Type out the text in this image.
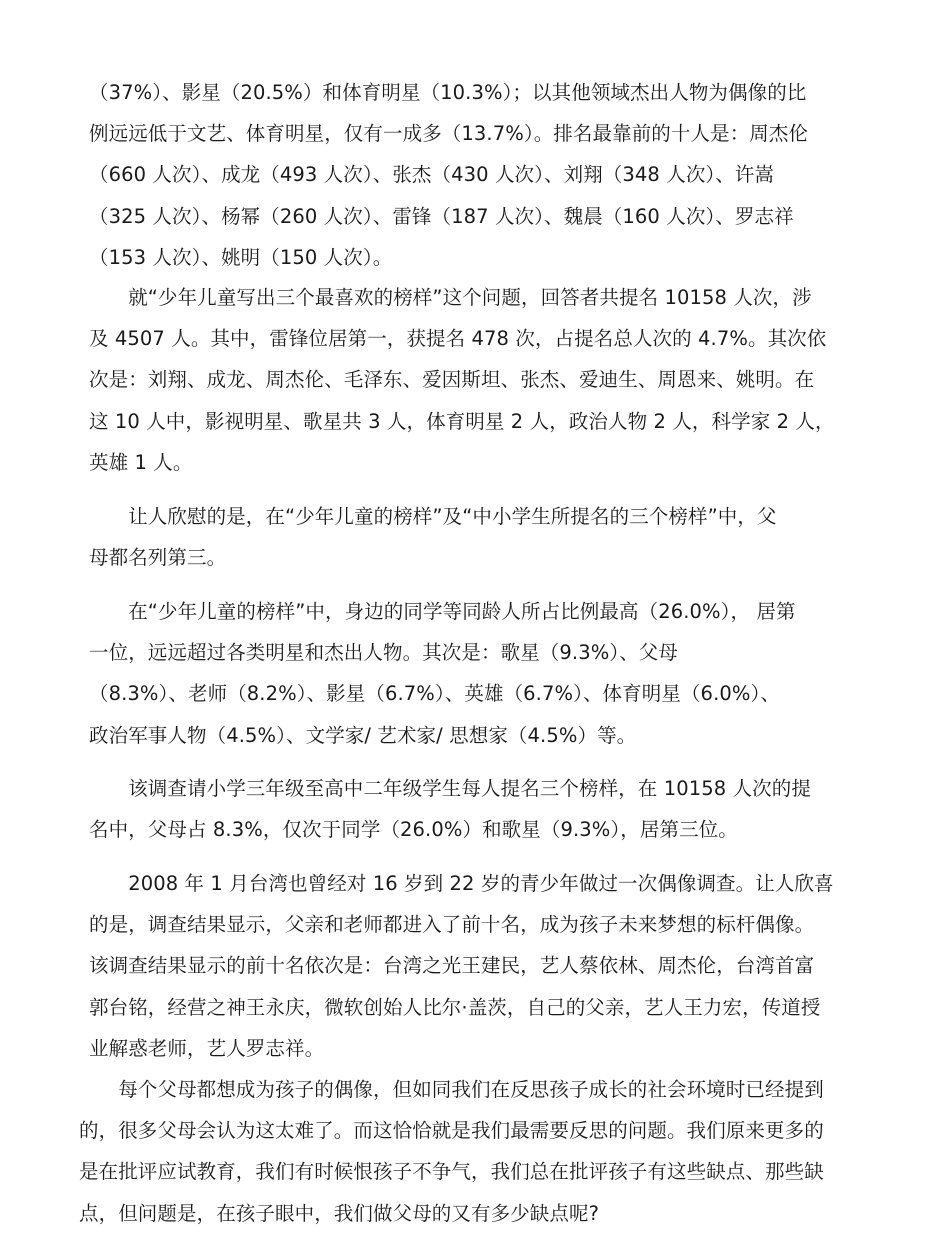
（37%）、影星（20.5%）和体育明星（10.3%）；以其他领域杰出人物为偶像的比
例远远低于文艺、体育明星，仅有一成多（13.7%）。排名最靠前的十人是：周杰伦
（660 人次）、成龙（493 人次）、张杰（430 人次）、刘翔（348 人次）、许嵩
（325 人次）、杨幂（260 人次）、雷锋（187 人次）、魏晨（160 人次）、罗志祥
（153 人次）、姚明（150 人次）。

　　就“少年儿童写出三个最喜欢的榜样”这个问题，回答者共提名 10158 人次，涉
及 4507 人。其中，雷锋位居第一，获提名 478 次，占提名总人次的 4.7%。其次依
次是：刘翔、成龙、周杰伦、毛泽东、爱因斯坦、张杰、爱迪生、周恩来、姚明。在
这 10 人中，影视明星、歌星共 3 人，体育明星 2 人，政治人物 2 人，科学家 2 人，
英雄 1 人。

　　让人欣慰的是，在“少年儿童的榜样”及“中小学生所提名的三个榜样”中，父
母都名列第三。

　　在“少年儿童的榜样”中，身边的同学等同龄人所占比例最高（26.0%）， 居第
一位，远远超过各类明星和杰出人物。其次是：歌星（9.3%）、父母
（8.3%）、老师（8.2%）、影星（6.7%）、英雄（6.7%）、体育明星（6.0%）、
政治军事人物（4.5%）、文学家/ 艺术家/ 思想家（4.5%）等。

　　该调查请小学三年级至高中二年级学生每人提名三个榜样，在 10158 人次的提
名中，父母占 8.3%，仅次于同学（26.0%）和歌星（9.3%），居第三位。

　　2008 年 1 月台湾也曾经对 16 岁到 22 岁的青少年做过一次偶像调查。让人欣喜
的是，调查结果显示，父亲和老师都进入了前十名，成为孩子未来梦想的标杆偶像。
该调查结果显示的前十名依次是：台湾之光王建民，艺人蔡依林、周杰伦，台湾首富
郭台铭，经营之神王永庆，微软创始人比尔·盖茨，自己的父亲，艺人王力宏，传道授
业解惑老师，艺人罗志祥。

　　每个父母都想成为孩子的偶像，但如同我们在反思孩子成长的社会环境时已经提到
的，很多父母会认为这太难了。而这恰恰就是我们最需要反思的问题。我们原来更多的
是在批评应试教育，我们有时候恨孩子不争气，我们总在批评孩子有这些缺点、那些缺
点，但问题是，在孩子眼中，我们做父母的又有多少缺点呢?
